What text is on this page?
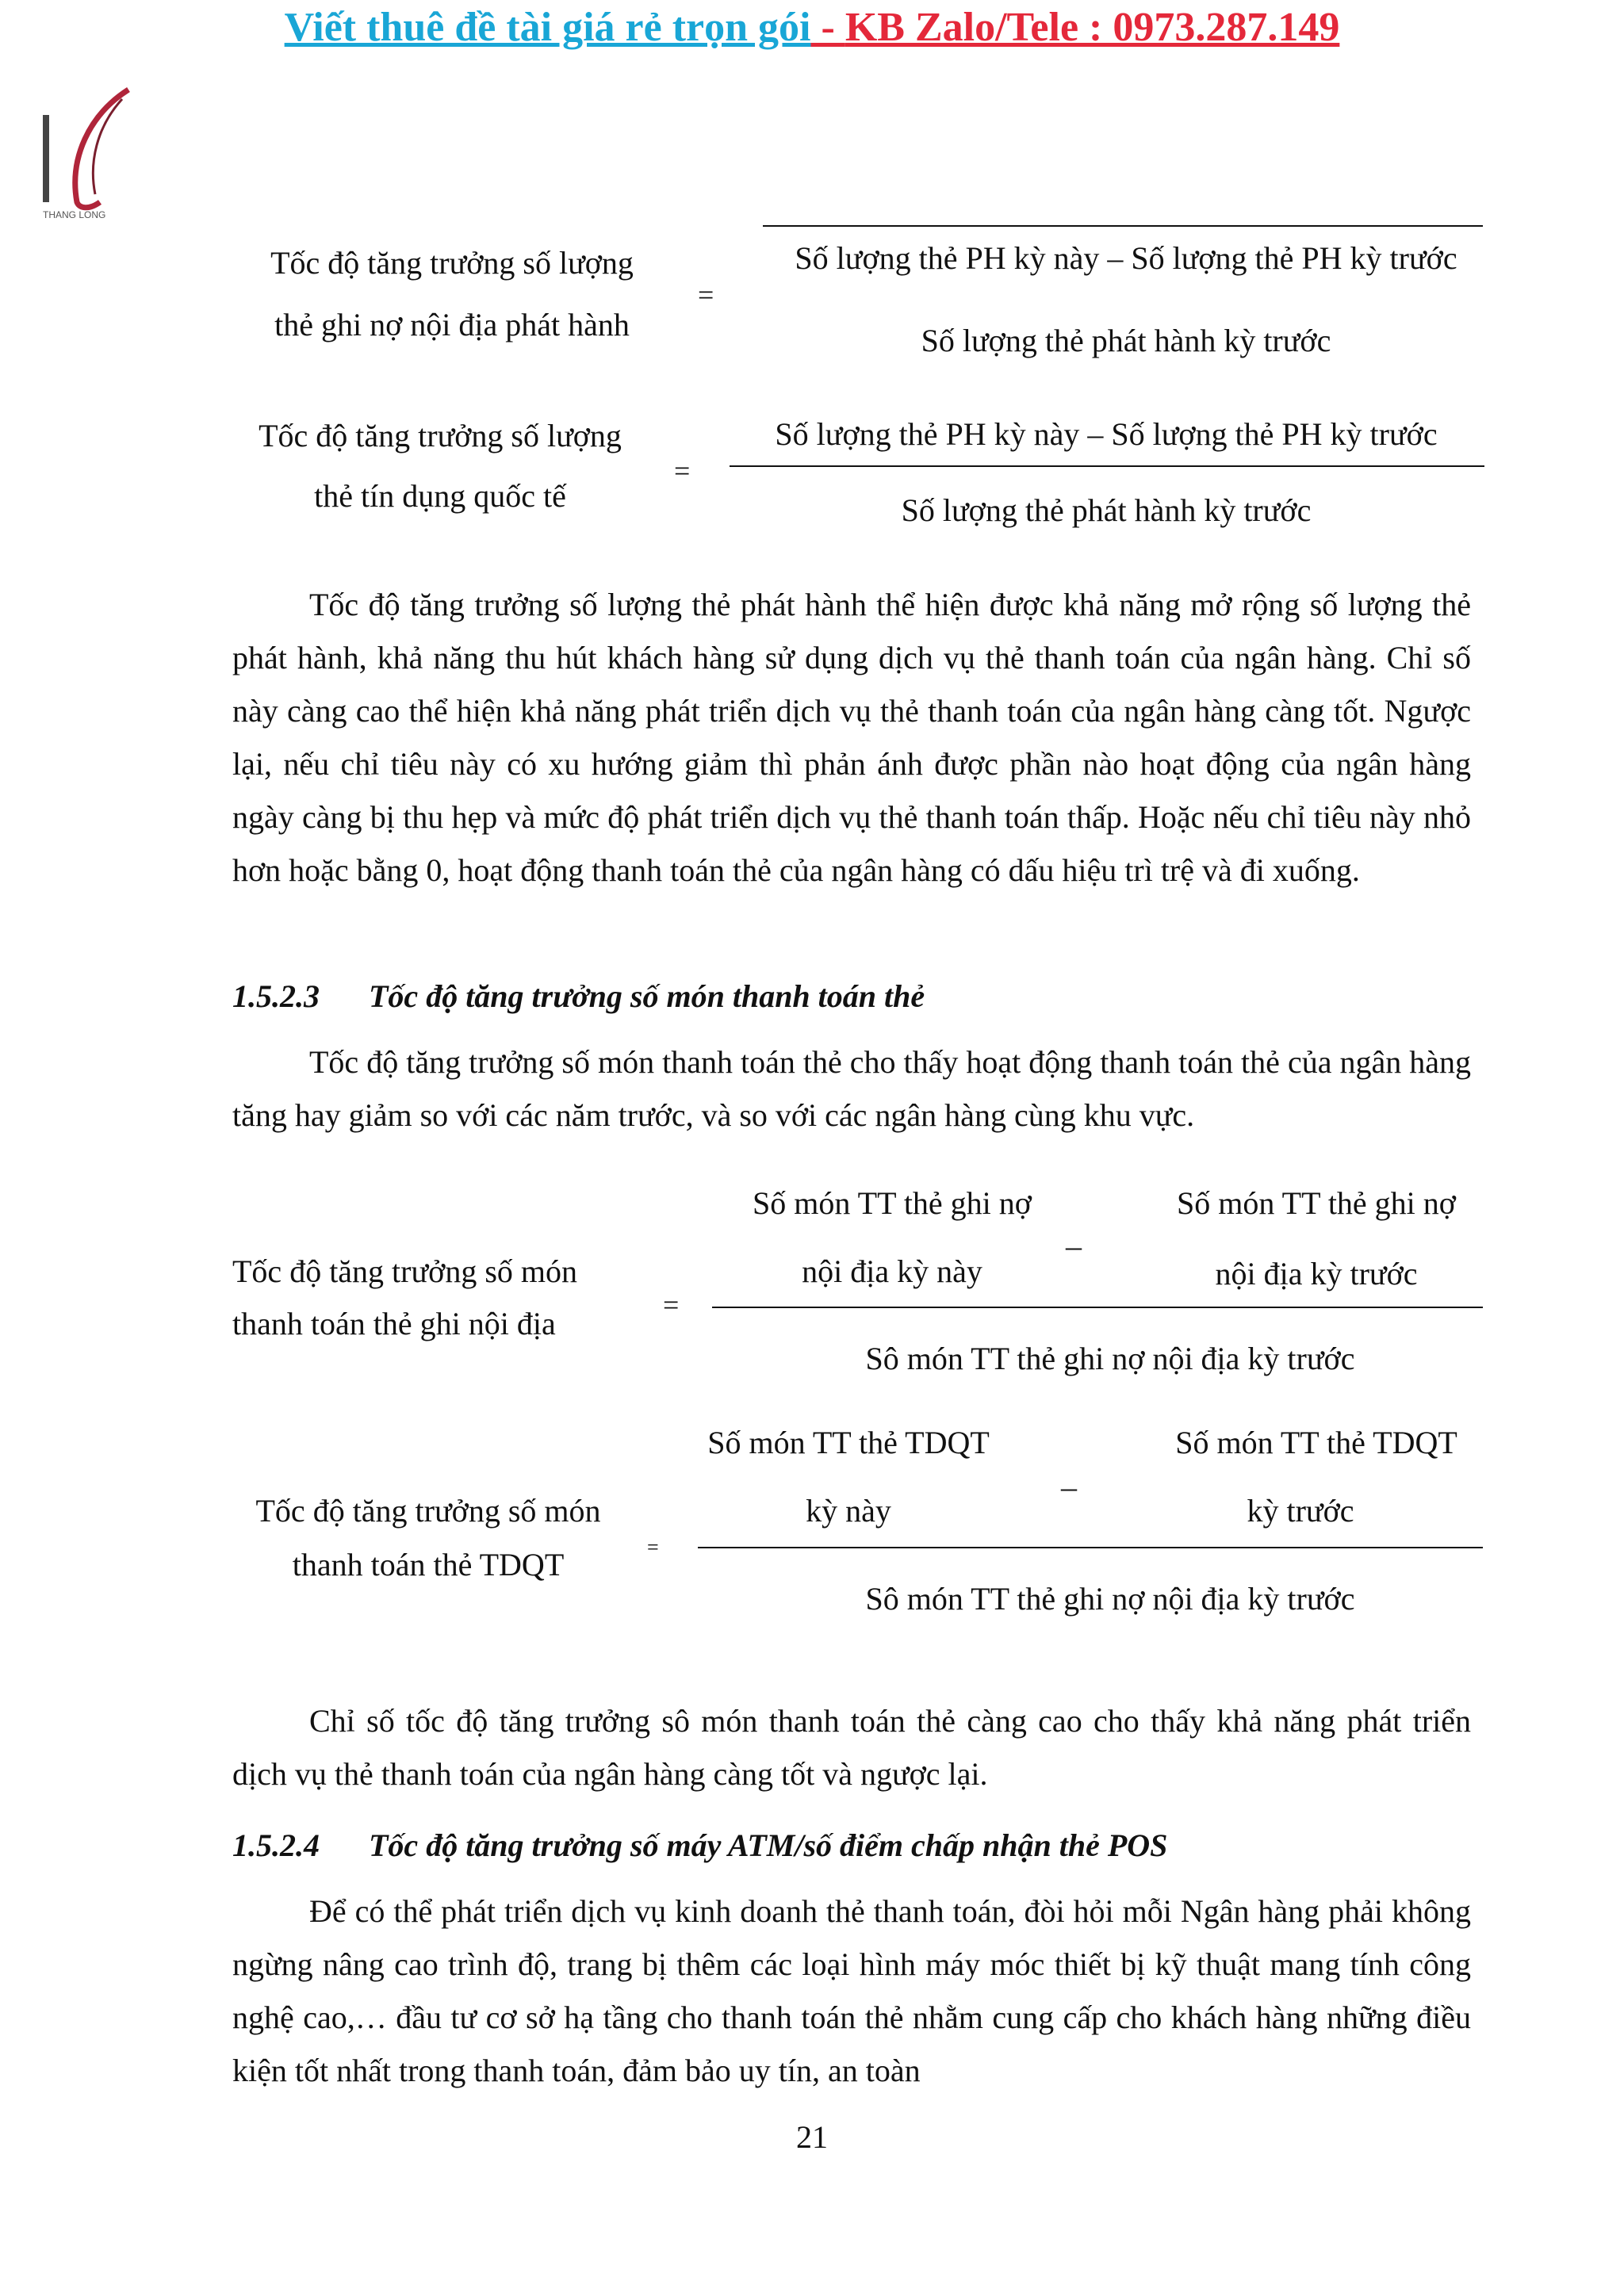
Viết thuê đề tài giá rẻ trọn gói - KB Zalo/Tele : 0973.287.149
THANG LONG
Tốc độ tăng trưởng số lượng
thẻ ghi nợ nội địa phát hành
=
Số lượng thẻ PH kỳ này – Số lượng thẻ PH kỳ trước
Số lượng thẻ phát hành kỳ trước
Tốc độ tăng trưởng số lượng
thẻ tín dụng quốc tế
=
Số lượng thẻ PH kỳ này – Số lượng thẻ PH kỳ trước
Số lượng thẻ phát hành kỳ trước
Tốc độ tăng trưởng số lượng thẻ phát hành thể hiện được khả năng mở rộng số lượng thẻ phát hành, khả năng thu hút khách hàng sử dụng dịch vụ thẻ thanh toán của ngân hàng. Chỉ số này càng cao thể hiện khả năng phát triển dịch vụ thẻ thanh toán của ngân hàng càng tốt. Ngược lại, nếu chỉ tiêu này có xu hướng giảm thì phản ánh được phần nào hoạt động của ngân hàng ngày càng bị thu hẹp và mức độ phát triển dịch vụ thẻ thanh toán thấp. Hoặc nếu chỉ tiêu này nhỏ hơn hoặc bằng 0, hoạt động thanh toán thẻ của ngân hàng có dấu hiệu trì trệ và đi xuống.
1.5.2.3 Tốc độ tăng trưởng số món thanh toán thẻ
Tốc độ tăng trưởng số món thanh toán thẻ cho thấy hoạt động thanh toán thẻ của ngân hàng tăng hay giảm so với các năm trước, và so với các ngân hàng cùng khu vực.
Tốc độ tăng trưởng số món
thanh toán thẻ ghi nội địa
=
Số món TT thẻ ghi nợ
nội địa kỳ này
–
Số món TT thẻ ghi nợ
nội địa kỳ trước
Sô món TT thẻ ghi nợ nội địa kỳ trước
Tốc độ tăng trưởng số món
thanh toán thẻ TDQT	=
Số món TT thẻ TDQT
kỳ này
–
Số món TT thẻ TDQT
kỳ trước
Sô món TT thẻ ghi nợ nội địa kỳ trước
Chỉ số tốc độ tăng trưởng sô món thanh toán thẻ càng cao cho thấy khả năng phát triển dịch vụ thẻ thanh toán của ngân hàng càng tốt và ngược lại.
1.5.2.4 Tốc độ tăng trưởng số máy ATM/số điểm chấp nhận thẻ POS
Để có thể phát triển dịch vụ kinh doanh thẻ thanh toán, đòi hỏi mỗi Ngân hàng phải không ngừng nâng cao trình độ, trang bị thêm các loại hình máy móc thiết bị kỹ thuật mang tính công nghệ cao,… đầu tư cơ sở hạ tầng cho thanh toán thẻ nhằm cung cấp cho khách hàng những điều kiện tốt nhất trong thanh toán, đảm bảo uy tín, an toàn
21
